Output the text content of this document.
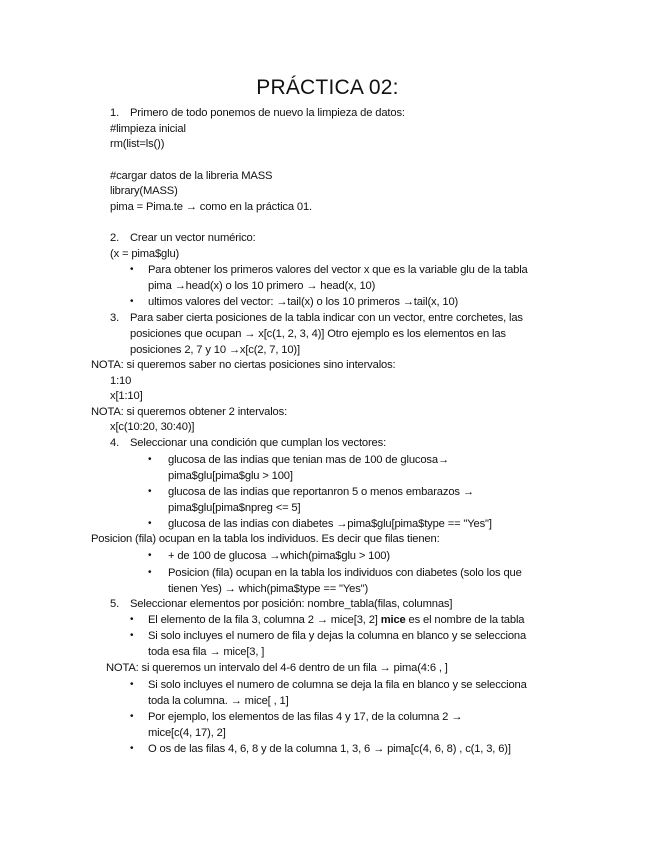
PRÁCTICA 02:
1. Primero de todo ponemos de nuevo la limpieza de datos:
#limpieza inicial
rm(list=ls())
#cargar datos de la libreria MASS
library(MASS)
pima = Pima.te → como en la práctica 01.
2. Crear un vector numérico:
(x = pima$glu)
• Para obtener los primeros valores del vector x que es la variable glu de la tabla
pima →head(x) o los 10 primero → head(x, 10)
• ultimos valores del vector: →tail(x) o los 10 primeros →tail(x, 10)
3. Para saber cierta posiciones de la tabla indicar con un vector, entre corchetes, las
posiciones que ocupan → x[c(1, 2, 3, 4)] Otro ejemplo es los elementos en las
posiciones 2, 7 y 10 →x[c(2, 7, 10)]
NOTA: si queremos saber no ciertas posiciones sino intervalos:
1:10
x[1:10]
NOTA: si queremos obtener 2 intervalos:
x[c(10:20, 30:40)]
4. Seleccionar una condición que cumplan los vectores:
• glucosa de las indias que tenian mas de 100 de glucosa→
pima$glu[pima$glu > 100]
• glucosa de las indias que reportanron 5 o menos embarazos →
pima$glu[pima$npreg <= 5]
• glucosa de las indias con diabetes →pima$glu[pima$type == "Yes"]
Posicion (fila) ocupan en la tabla los individuos. Es decir que filas tienen:
• + de 100 de glucosa →which(pima$glu > 100)
• Posicion (fila) ocupan en la tabla los individuos con diabetes (solo los que
tienen Yes) → which(pima$type == "Yes")
5. Seleccionar elementos por posición: nombre_tabla(filas, columnas]
• El elemento de la fila 3, columna 2 → mice[3, 2] mice es el nombre de la tabla
• Si solo incluyes el numero de fila y dejas la columna en blanco y se selecciona
toda esa fila → mice[3, ]
NOTA: si queremos un intervalo del 4-6 dentro de un fila → pima(4:6 , ]
• Si solo incluyes el numero de columna se deja la fila en blanco y se selecciona
toda la columna. → mice[ , 1]
• Por ejemplo, los elementos de las filas 4 y 17, de la columna 2 →
mice[c(4, 17), 2]
• O os de las filas 4, 6, 8 y de la columna 1, 3, 6 → pima[c(4, 6, 8) , c(1, 3, 6)]
